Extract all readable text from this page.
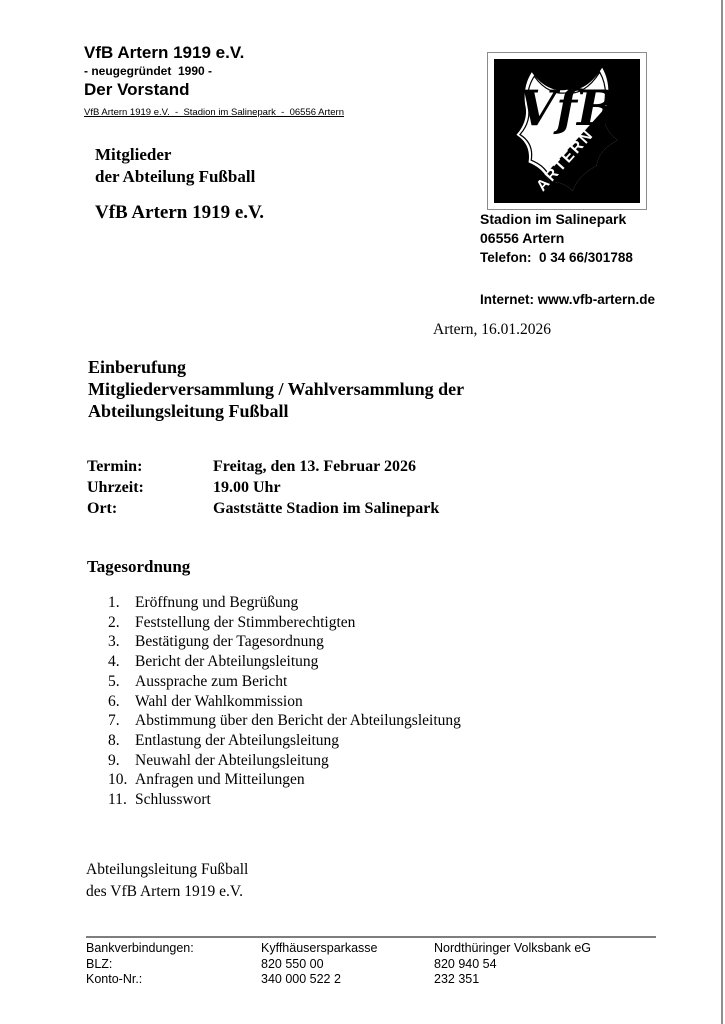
VfB Artern 1919 e.V.
- neugegründet  1990 -
Der Vorstand
VfB Artern 1919 e.V.  -  Stadion im Salinepark  -  06556 Artern
Mitglieder
der Abteilung Fußball
VfB Artern 1919 e.V.
VfB
ARTERN
Stadion im Salinepark
06556 Artern
Telefon:  0 34 66/301788
Internet: www.vfb-artern.de
Artern, 16.01.2026
Einberufung
Mitgliederversammlung / Wahlversammlung der
Abteilungsleitung Fußball
Termin:	Freitag, den 13. Februar 2026
Uhrzeit:	19.00 Uhr
Ort:	Gaststätte Stadion im Salinepark
Tagesordnung
Eröffnung und Begrüßung
Feststellung der Stimmberechtigten
Bestätigung der Tagesordnung
Bericht der Abteilungsleitung
Aussprache zum Bericht
Wahl der Wahlkommission
Abstimmung über den Bericht der Abteilungsleitung
Entlastung der Abteilungsleitung
Neuwahl der Abteilungsleitung
Anfragen und Mitteilungen
Schlusswort
Abteilungsleitung Fußball
des VfB Artern 1919 e.V.
Bankverbindungen:	Kyffhäusersparkasse	Nordthüringer Volksbank eG
BLZ:	820 550 00	820 940 54
Konto-Nr.:	340 000 522 2	232 351
